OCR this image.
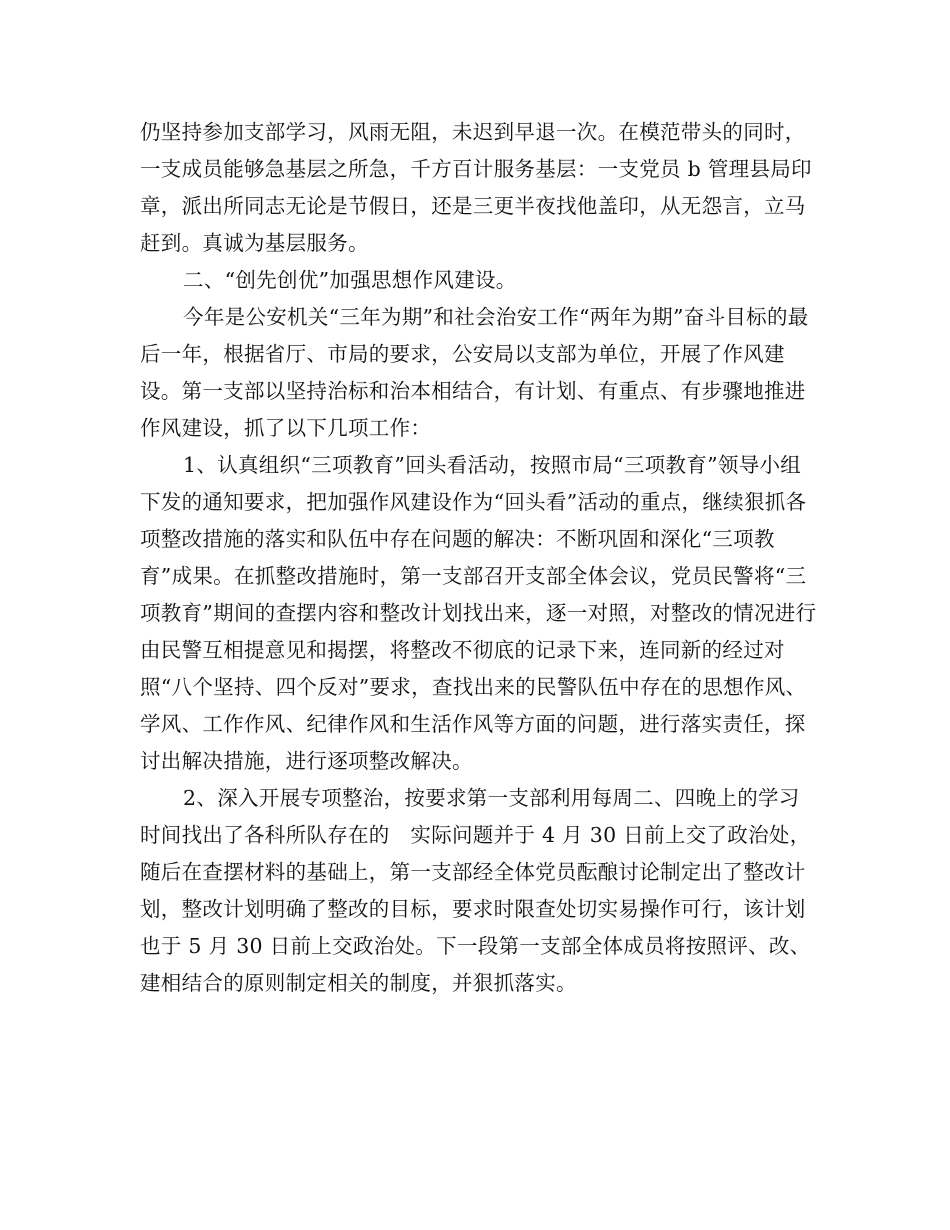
仍坚持参加支部学习，风雨无阻，未迟到早退一次。在模范带头的同时，一支成员能够急基层之所急，千方百计服务基层：一支党员 b 管理县局印章，派出所同志无论是节假日，还是三更半夜找他盖印，从无怨言，立马赶到。真诚为基层服务。

二、“创先创优”加强思想作风建设。

今年是公安机关“三年为期”和社会治安工作“两年为期”奋斗目标的最后一年，根据省厅、市局的要求，公安局以支部为单位，开展了作风建设。第一支部以坚持治标和治本相结合，有计划、有重点、有步骤地推进作风建设，抓了以下几项工作：

1、认真组织“三项教育”回头看活动，按照市局“三项教育”领导小组下发的通知要求，把加强作风建设作为“回头看”活动的重点，继续狠抓各项整改措施的落实和队伍中存在问题的解决：不断巩固和深化“三项教育”成果。在抓整改措施时，第一支部召开支部全体会议，党员民警将“三项教育”期间的查摆内容和整改计划找出来，逐一对照，对整改的情况进行由民警互相提意见和揭摆，将整改不彻底的记录下来，连同新的经过对照“八个坚持、四个反对”要求，查找出来的民警队伍中存在的思想作风、学风、工作作风、纪律作风和生活作风等方面的问题，进行落实责任，探讨出解决措施，进行逐项整改解决。

2、深入开展专项整治，按要求第一支部利用每周二、四晚上的学习时间找出了各科所队存在的　实际问题并于 4 月 30 日前上交了政治处，随后在查摆材料的基础上，第一支部经全体党员酝酿讨论制定出了整改计划，整改计划明确了整改的目标，要求时限查处切实易操作可行，该计划也于 5 月 30 日前上交政治处。下一段第一支部全体成员将按照评、改、建相结合的原则制定相关的制度，并狠抓落实。
